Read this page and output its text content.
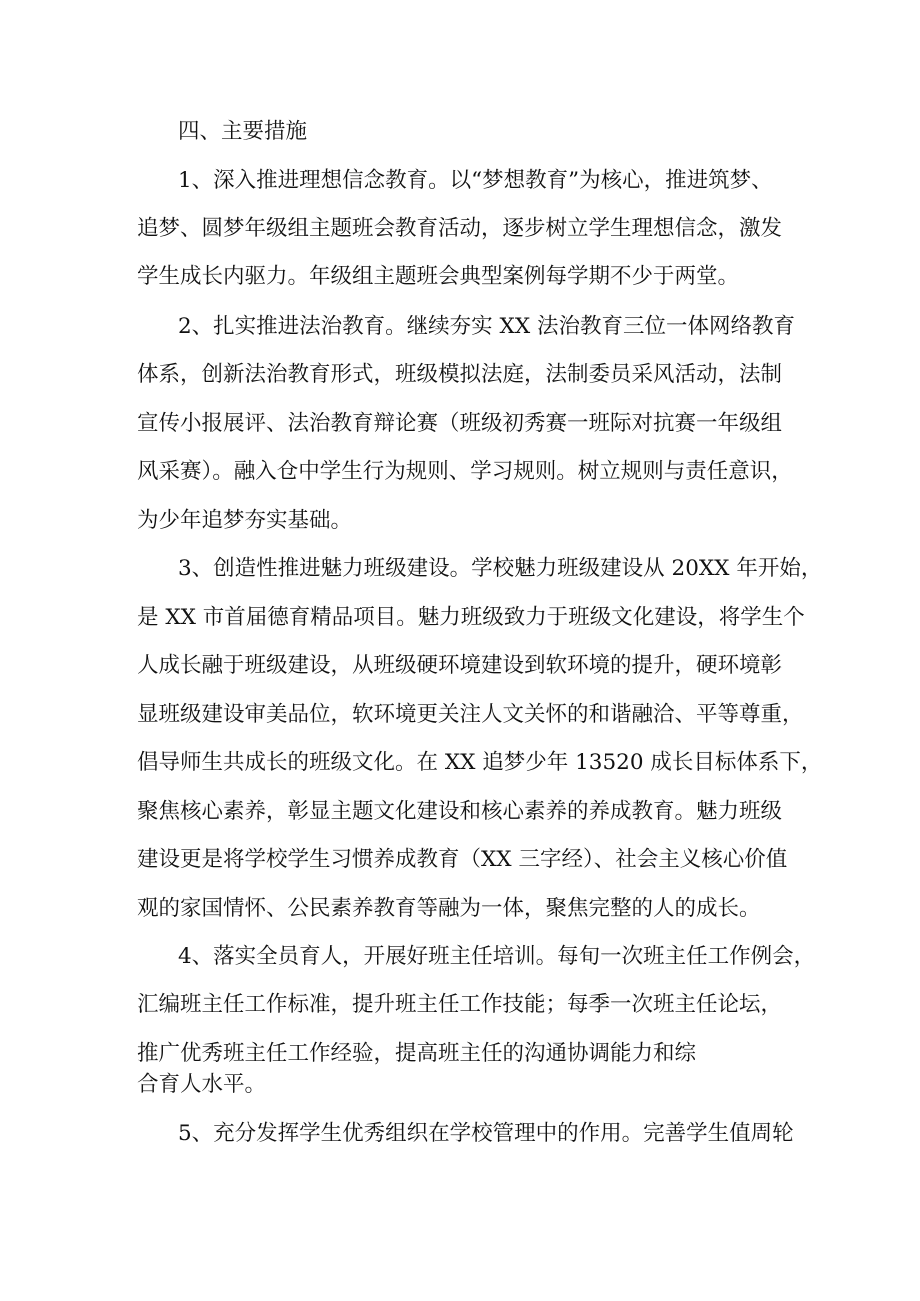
四、主要措施
1、深入推进理想信念教育。以“梦想教育”为核心，推进筑梦、
追梦、圆梦年级组主题班会教育活动，逐步树立学生理想信念，激发
学生成长内驱力。年级组主题班会典型案例每学期不少于两堂。
2、扎实推进法治教育。继续夯实 XX 法治教育三位一体网络教育
体系，创新法治教育形式，班级模拟法庭，法制委员采风活动，法制
宣传小报展评、法治教育辩论赛（班级初秀赛一班际对抗赛一年级组
风采赛）。融入仓中学生行为规则、学习规则。树立规则与责任意识，
为少年追梦夯实基础。
3、创造性推进魅力班级建设。学校魅力班级建设从 20XX 年开始，
是 XX 市首届德育精品项目。魅力班级致力于班级文化建设，将学生个
人成长融于班级建设，从班级硬环境建设到软环境的提升，硬环境彰
显班级建设审美品位，软环境更关注人文关怀的和谐融洽、平等尊重，
倡导师生共成长的班级文化。在 XX 追梦少年 13520 成长目标体系下，
聚焦核心素养，彰显主题文化建设和核心素养的养成教育。魅力班级
建设更是将学校学生习惯养成教育（XX 三字经）、社会主义核心价值
观的家国情怀、公民素养教育等融为一体，聚焦完整的人的成长。
4、落实全员育人，开展好班主任培训。每旬一次班主任工作例会，
汇编班主任工作标准，提升班主任工作技能；每季一次班主任论坛，
推广优秀班主任工作经验，提高班主任的沟通协调能力和综
合育人水平。
5、充分发挥学生优秀组织在学校管理中的作用。完善学生值周轮
